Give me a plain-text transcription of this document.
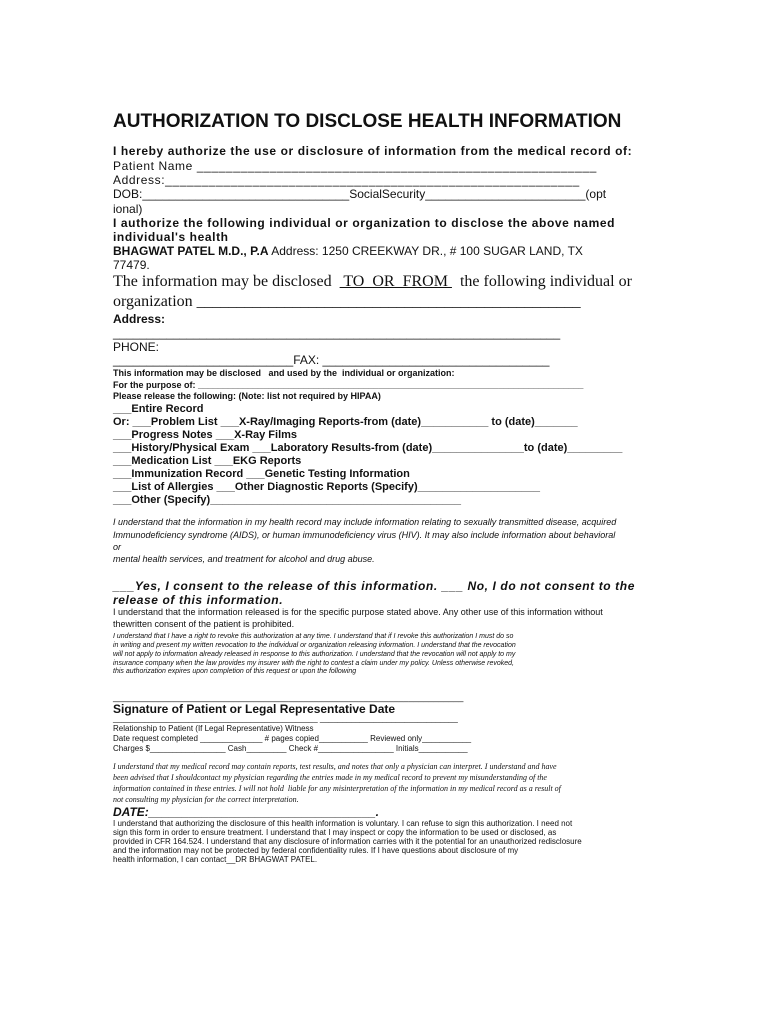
AUTHORIZATION TO DISCLOSE HEALTH INFORMATION
I hereby authorize the use or disclosure of information from the medical record of:
Patient Name _______________________________________________________
Address:_________________________________________________________
DOB:_______________________________SocialSecurity________________________(opt
ional)
I authorize the following individual or organization to disclose the above named
individual's health
BHAGWAT PATEL M.D., P.A Address: 1250 CREEKWAY DR., # 100 SUGAR LAND, TX
77479.
The information may be disclosed   TO  OR  FROM   the following individual or
organization ________________________________________________
Address:
___________________________________________________________________
PHONE:
___________________________FAX: __________________________________
This information may be disclosed   and used by the  individual or organization:
For the purpose of: _____________________________________________________________________________
Please release the following: (Note: list not required by HIPAA)
___Entire Record
Or: ___Problem List ___X-Ray/Imaging Reports-from (date)___________ to (date)_______
___Progress Notes ___X-Ray Films
___History/Physical Exam ___Laboratory Results-from (date)_______________to (date)_________
___Medication List ___EKG Reports
___Immunization Record ___Genetic Testing Information
___List of Allergies ___Other Diagnostic Reports (Specify)____________________
___Other (Specify)_________________________________________
I understand that the information in my health record may include information relating to sexually transmitted disease, acquired
Immunodeficiency syndrome (AIDS), or human immunodeficiency virus (HIV). It may also include information about behavioral
or
mental health services, and treatment for alcohol and drug abuse.
___Yes, I consent to the release of this information. ___ No, I do not consent to the
release of this information.
I understand that the information released is for the specific purpose stated above. Any other use of this information without
thewritten consent of the patient is prohibited.
I understand that I have a right to revoke this authorization at any time. I understand that if I revoke this authorization I must do so
in writing and present my written revocation to the individual or organization releasing information. I understand that the revocation
will not apply to information already released in response to this authorization. I understand that the revocation will not apply to my
insurance company when the law provides my insurer with the right to contest a claim under my policy. Unless otherwise revoked,
this authorization expires upon completion of this request or upon the following
______________________________________________________________________
Signature of Patient or Legal Representative Date
______________________________________________ _______________________________
Relationship to Patient (If Legal Representative) Witness
Date request completed ______________ # pages copied___________ Reviewed only___________
Charges $_________________ Cash_________ Check #_________________ Initials___________
I understand that my medical record may contain reports, test results, and notes that only a physician can interpret. I understand and have
been advised that I shouldcontact my physician regarding the entries made in my medical record to prevent my misunderstanding of the
information contained in these entries. I will not hold  liable for any misinterpretation of the information in my medical record as a result of
not consulting my physician for the correct interpretation.
DATE:__________________________________.
I understand that authorizing the disclosure of this health information is voluntary. I can refuse to sign this authorization. I need not
sign this form in order to ensure treatment. I understand that I may inspect or copy the information to be used or disclosed, as
provided in CFR 164.524. I understand that any disclosure of information carries with it the potential for an unauthorized redisclosure
and the information may not be protected by federal confidentiality rules. If I have questions about disclosure of my
health information, I can contact__DR BHAGWAT PATEL.
